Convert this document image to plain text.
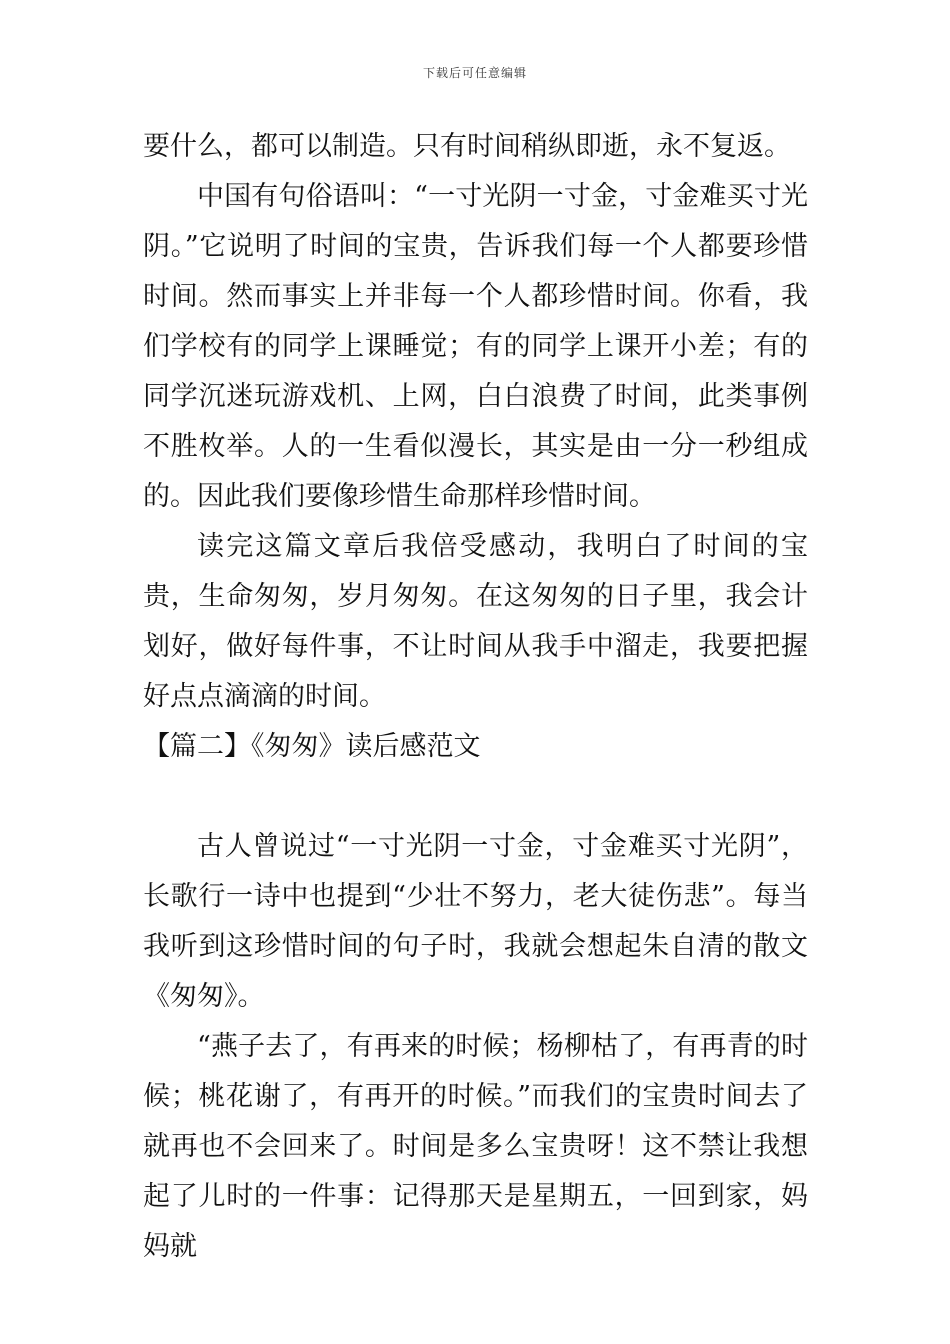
下载后可任意编辑

要什么，都可以制造。只有时间稍纵即逝，永不复返。

中国有句俗语叫：“一寸光阴一寸金，寸金难买寸光阴。”它说明了时间的宝贵，告诉我们每一个人都要珍惜时间。然而事实上并非每一个人都珍惜时间。你看，我们学校有的同学上课睡觉；有的同学上课开小差；有的同学沉迷玩游戏机、上网，白白浪费了时间，此类事例不胜枚举。人的一生看似漫长，其实是由一分一秒组成的。因此我们要像珍惜生命那样珍惜时间。

读完这篇文章后我倍受感动，我明白了时间的宝贵，生命匆匆，岁月匆匆。在这匆匆的日子里，我会计划好，做好每件事，不让时间从我手中溜走，我要把握好点点滴滴的时间。

【篇二】《匆匆》读后感范文

古人曾说过“一寸光阴一寸金，寸金难买寸光阴”，长歌行一诗中也提到“少壮不努力，老大徒伤悲”。每当我听到这珍惜时间的句子时，我就会想起朱自清的散文《匆匆》。

“燕子去了，有再来的时候；杨柳枯了，有再青的时候；桃花谢了，有再开的时候。”而我们的宝贵时间去了就再也不会回来了。时间是多么宝贵呀！这不禁让我想起了儿时的一件事：记得那天是星期五，一回到家，妈妈就
